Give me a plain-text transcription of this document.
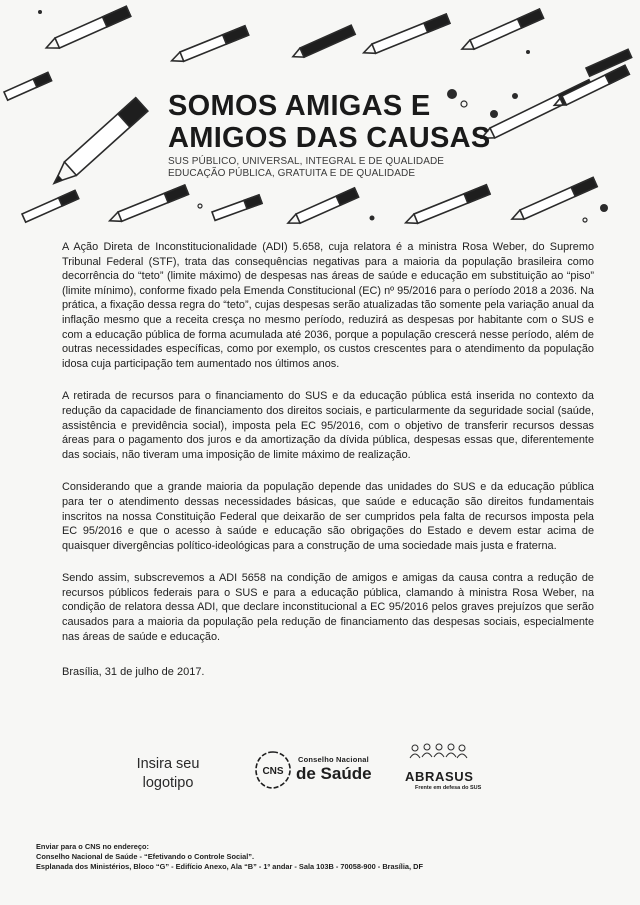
SOMOS AMIGAS E
AMIGOS DAS CAUSAS
SUS PÚBLICO, UNIVERSAL, INTEGRAL E DE QUALIDADE
EDUCAÇÃO PÚBLICA, GRATUITA E DE QUALIDADE

A Ação Direta de Inconstitucionalidade (ADI) 5.658, cuja relatora é a ministra Rosa Weber, do Supremo Tribunal Federal (STF), trata das consequências negativas para a maioria da população brasileira como decorrência do “teto” (limite máximo) de despesas nas áreas de saúde e educação em substituição ao “piso” (limite mínimo), conforme fixado pela Emenda Constitucional (EC) nº 95/2016 para o período 2018 a 2036. Na prática, a fixação dessa regra do “teto”, cujas despesas serão atualizadas tão somente pela variação anual da inflação mesmo que a receita cresça no mesmo período, reduzirá as despesas por habitante com o SUS e com a educação pública de forma acumulada até 2036, porque a população crescerá nesse período, além de outras necessidades específicas, como por exemplo, os custos crescentes para o atendimento da população idosa cuja participação tem aumentado nos últimos anos.

A retirada de recursos para o financiamento do SUS e da educação pública está inserida no contexto da redução da capacidade de financiamento dos direitos sociais, e particularmente da seguridade social (saúde, assistência e previdência social), imposta pela EC 95/2016, com o objetivo de transferir recursos dessas áreas para o pagamento dos juros e da amortização da dívida pública, despesas essas que, diferentemente das sociais, não tiveram uma imposição de limite máximo de realização.

Considerando que a grande maioria da população depende das unidades do SUS e da educação pública para ter o atendimento dessas necessidades básicas, que saúde e educação são direitos fundamentais inscritos na nossa Constituição Federal que deixarão de ser cumpridos pela falta de recursos imposta pela EC 95/2016 e que o acesso à saúde e educação são obrigações do Estado e devem estar acima de quaisquer divergências político-ideológicas para a construção de uma sociedade mais justa e fraterna.

Sendo assim, subscrevemos a ADI 5658 na condição de amigos e amigas da causa contra a redução de recursos públicos federais para o SUS e para a educação pública, clamando à ministra Rosa Weber, na condição de relatora dessa ADI, que declare inconstitucional a EC 95/2016 pelos graves prejuízos que serão causados para a maioria da população pela redução de financiamento das despesas sociais, especialmente nas áreas de saúde e educação.

Brasília, 31 de julho de 2017.
Insira seu
logotipo
CNS
Conselho Nacional
de Saúde	ABRASUS
Frente em defesa do SUS
Enviar para o CNS no endereço:
Conselho Nacional de Saúde - “Efetivando o Controle Social”.
Esplanada dos Ministérios, Bloco “G” - Edifício Anexo, Ala “B” - 1º andar - Sala 103B - 70058-900 - Brasília, DF
